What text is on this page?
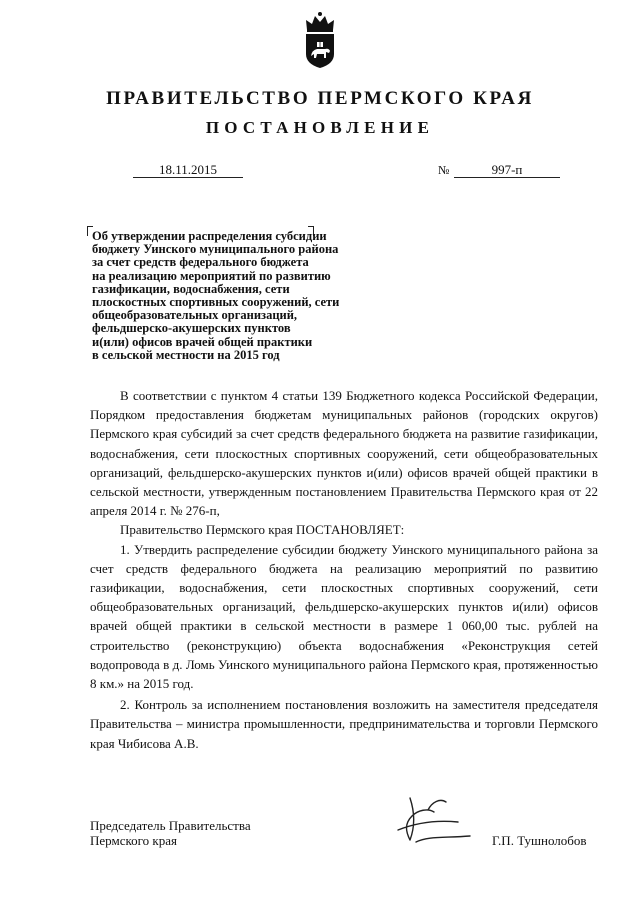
ПРАВИТЕЛЬСТВО ПЕРМСКОГО КРАЯ
ПОСТАНОВЛЕНИЕ
18.11.2015	№	997-п
Об утверждении распределения субсидии
бюджету Уинского муниципального района
за счет средств федерального бюджета
на реализацию мероприятий по развитию
газификации, водоснабжения, сети
плоскостных спортивных сооружений, сети
общеобразовательных организаций,
фельдшерско-акушерских пунктов
и(или) офисов врачей общей практики
в сельской местности на 2015 год

В соответствии с пунктом 4 статьи 139 Бюджетного кодекса Российской Федерации, Порядком предоставления бюджетам муниципальных районов (городских округов) Пермского края субсидий за счет средств федерального бюджета на развитие газификации, водоснабжения, сети плоскостных спортивных сооружений, сети общеобразовательных организаций, фельдшерско-акушерских пунктов и(или) офисов врачей общей практики в сельской местности, утвержденным постановлением Правительства Пермского края от 22 апреля 2014 г. № 276-п,

Правительство Пермского края ПОСТАНОВЛЯЕТ:

1. Утвердить распределение субсидии бюджету Уинского муниципального района за счет средств федерального бюджета на реализацию мероприятий по развитию газификации, водоснабжения, сети плоскостных спортивных сооружений, сети общеобразовательных организаций, фельдшерско-акушерских пунктов и(или) офисов врачей общей практики в сельской местности в размере 1 060,00 тыс. рублей на строительство (реконструкцию) объекта водоснабжения «Реконструкция сетей водопровода в д. Ломь Уинского муниципального района Пермского края, протяженностью 8 км.» на 2015 год.

2. Контроль за исполнением постановления возложить на заместителя председателя Правительства – министра промышленности, предпринимательства и торговли Пермского края Чибисова А.В.

Председатель Правительства
Пермского края	Г.П. Тушнолобов
